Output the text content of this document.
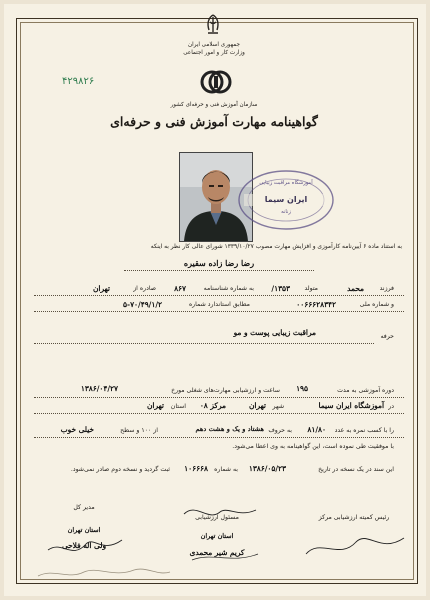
جمهوری اسلامی ایران
وزارت کار و امور اجتماعی
۴۲۹۸۲۶
سازمان آموزش فنی و حرفه‌ای کشور
گواهینامه مهارت آموزش فنی و حرفه‌ای
آموزشگاه مراقبت زیبایی
ایران سیما
زنانه
به استناد ماده ۶ آیین‌نامه کارآموزی و افزایش مهارت مصوب ۱۳۳۹/۱۰/۲۷ شورای عالی کار نظر به اینکه
رضا رضا زاده سقیره
فرزند
محمد
متولد
۱۳۵۳/
به شماره شناسنامه
۸۶۷
صادره از
تهران
و شماره ملی
۰۰۶۶۶۲۸۳۴۲
مطابق استاندارد شماره
۵-۷۰/۴۹/۱/۲
حرفه
مراقبت زیبایی پوست و مو
دوره آموزشی به مدت
۱۹۵
ساعت و ارزشیابی مهارت‌های شغلی مورخ
۱۳۸۶/۰۴/۲۷
در
آموزشگاه ایران سیما
شهر
تهران
مرکز ۰۸
استان
تهران
را با کسب نمره به عدد
۸۱/۸۰
به حروف
هشتاد و یک و هشت دهم
از ۱۰۰ و سطح
خیلی خوب
با موفقیت طی نموده است، این گواهینامه به وی اعطا می‌شود.
این سند در یک نسخه در تاریخ
۱۳۸۶/۰۵/۲۳
به شماره
۱۰۶۶۶۸
ثبت گردید و نسخه دوم صادر نمی‌شود.
مدیر کل
استان تهران
ولی اله فلاحی
مسئول ارزشیابی
استان تهران
کریم شیر محمدی
رئیس کمیته ارزشیابی مرکز
